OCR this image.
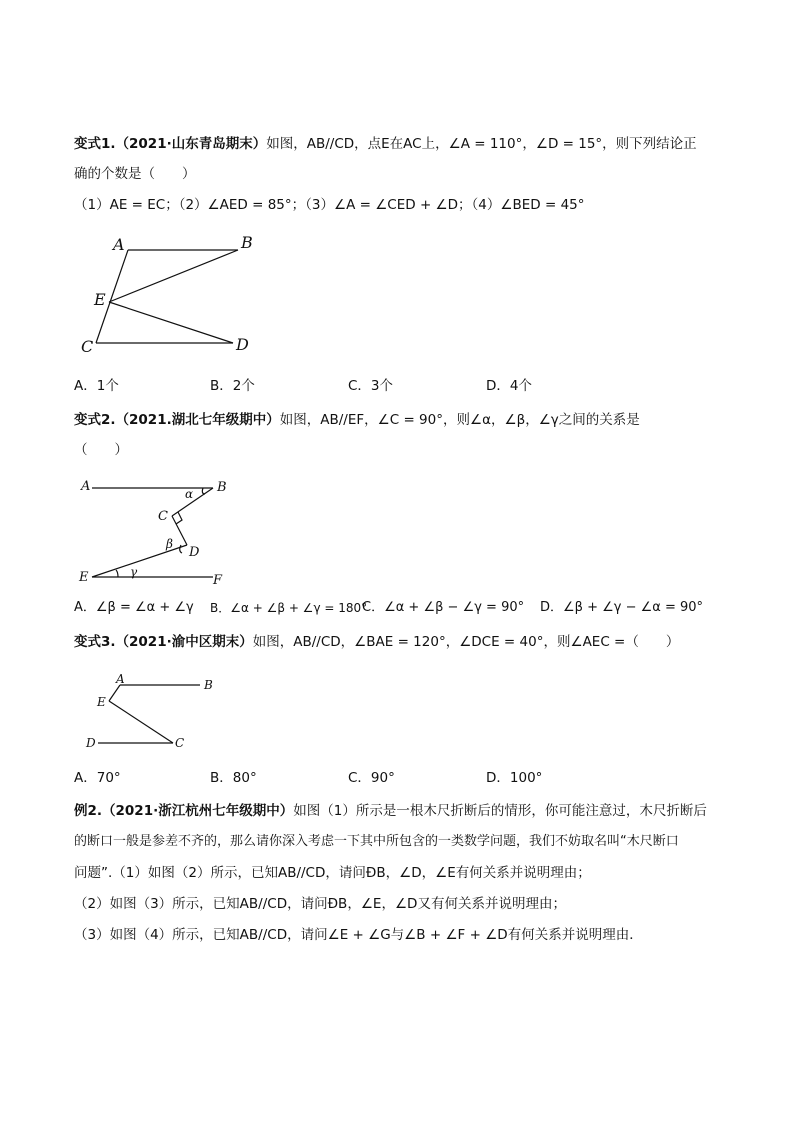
变式1.（2021·山东青岛期末）如图，AB//CD，点E在AC上，∠A = 110°，∠D = 15°，则下列结论正
确的个数是（　　）
（1）AE = EC；（2）∠AED = 85°；（3）∠A = ∠CED + ∠D；（4）∠BED = 45°
A	B
E
C	D
A	B
α
C
β
D
E	γ
F
A	B
E
D	C
A．1个	B．2个	C．3个	D．4个
变式2.（2021.湖北七年级期中）如图，AB//EF，∠C = 90°，则∠α，∠β，∠γ之间的关系是
（　　）
A．∠β = ∠α + ∠γ B．∠α + ∠β + ∠γ = 180°
C．∠α + ∠β − ∠γ = 90° D．∠β + ∠γ − ∠α = 90°
变式3.（2021·渝中区期末）如图，AB//CD，∠BAE = 120°，∠DCE = 40°，则∠AEC =（　　）
A．70°	B．80°	C．90°	D．100°
例2.（2021·浙江杭州七年级期中）如图（1）所示是一根木尺折断后的情形，你可能注意过，木尺折断后
的断口一般是参差不齐的，那么请你深入考虑一下其中所包含的一类数学问题，我们不妨取名叫“木尺断口
问题”.（1）如图（2）所示，已知AB//CD，请问ÐB，∠D，∠E有何关系并说明理由；
（2）如图（3）所示，已知AB//CD，请问ÐB，∠E，∠D又有何关系并说明理由；
（3）如图（4）所示，已知AB//CD，请问∠E + ∠G与∠B + ∠F + ∠D有何关系并说明理由．
